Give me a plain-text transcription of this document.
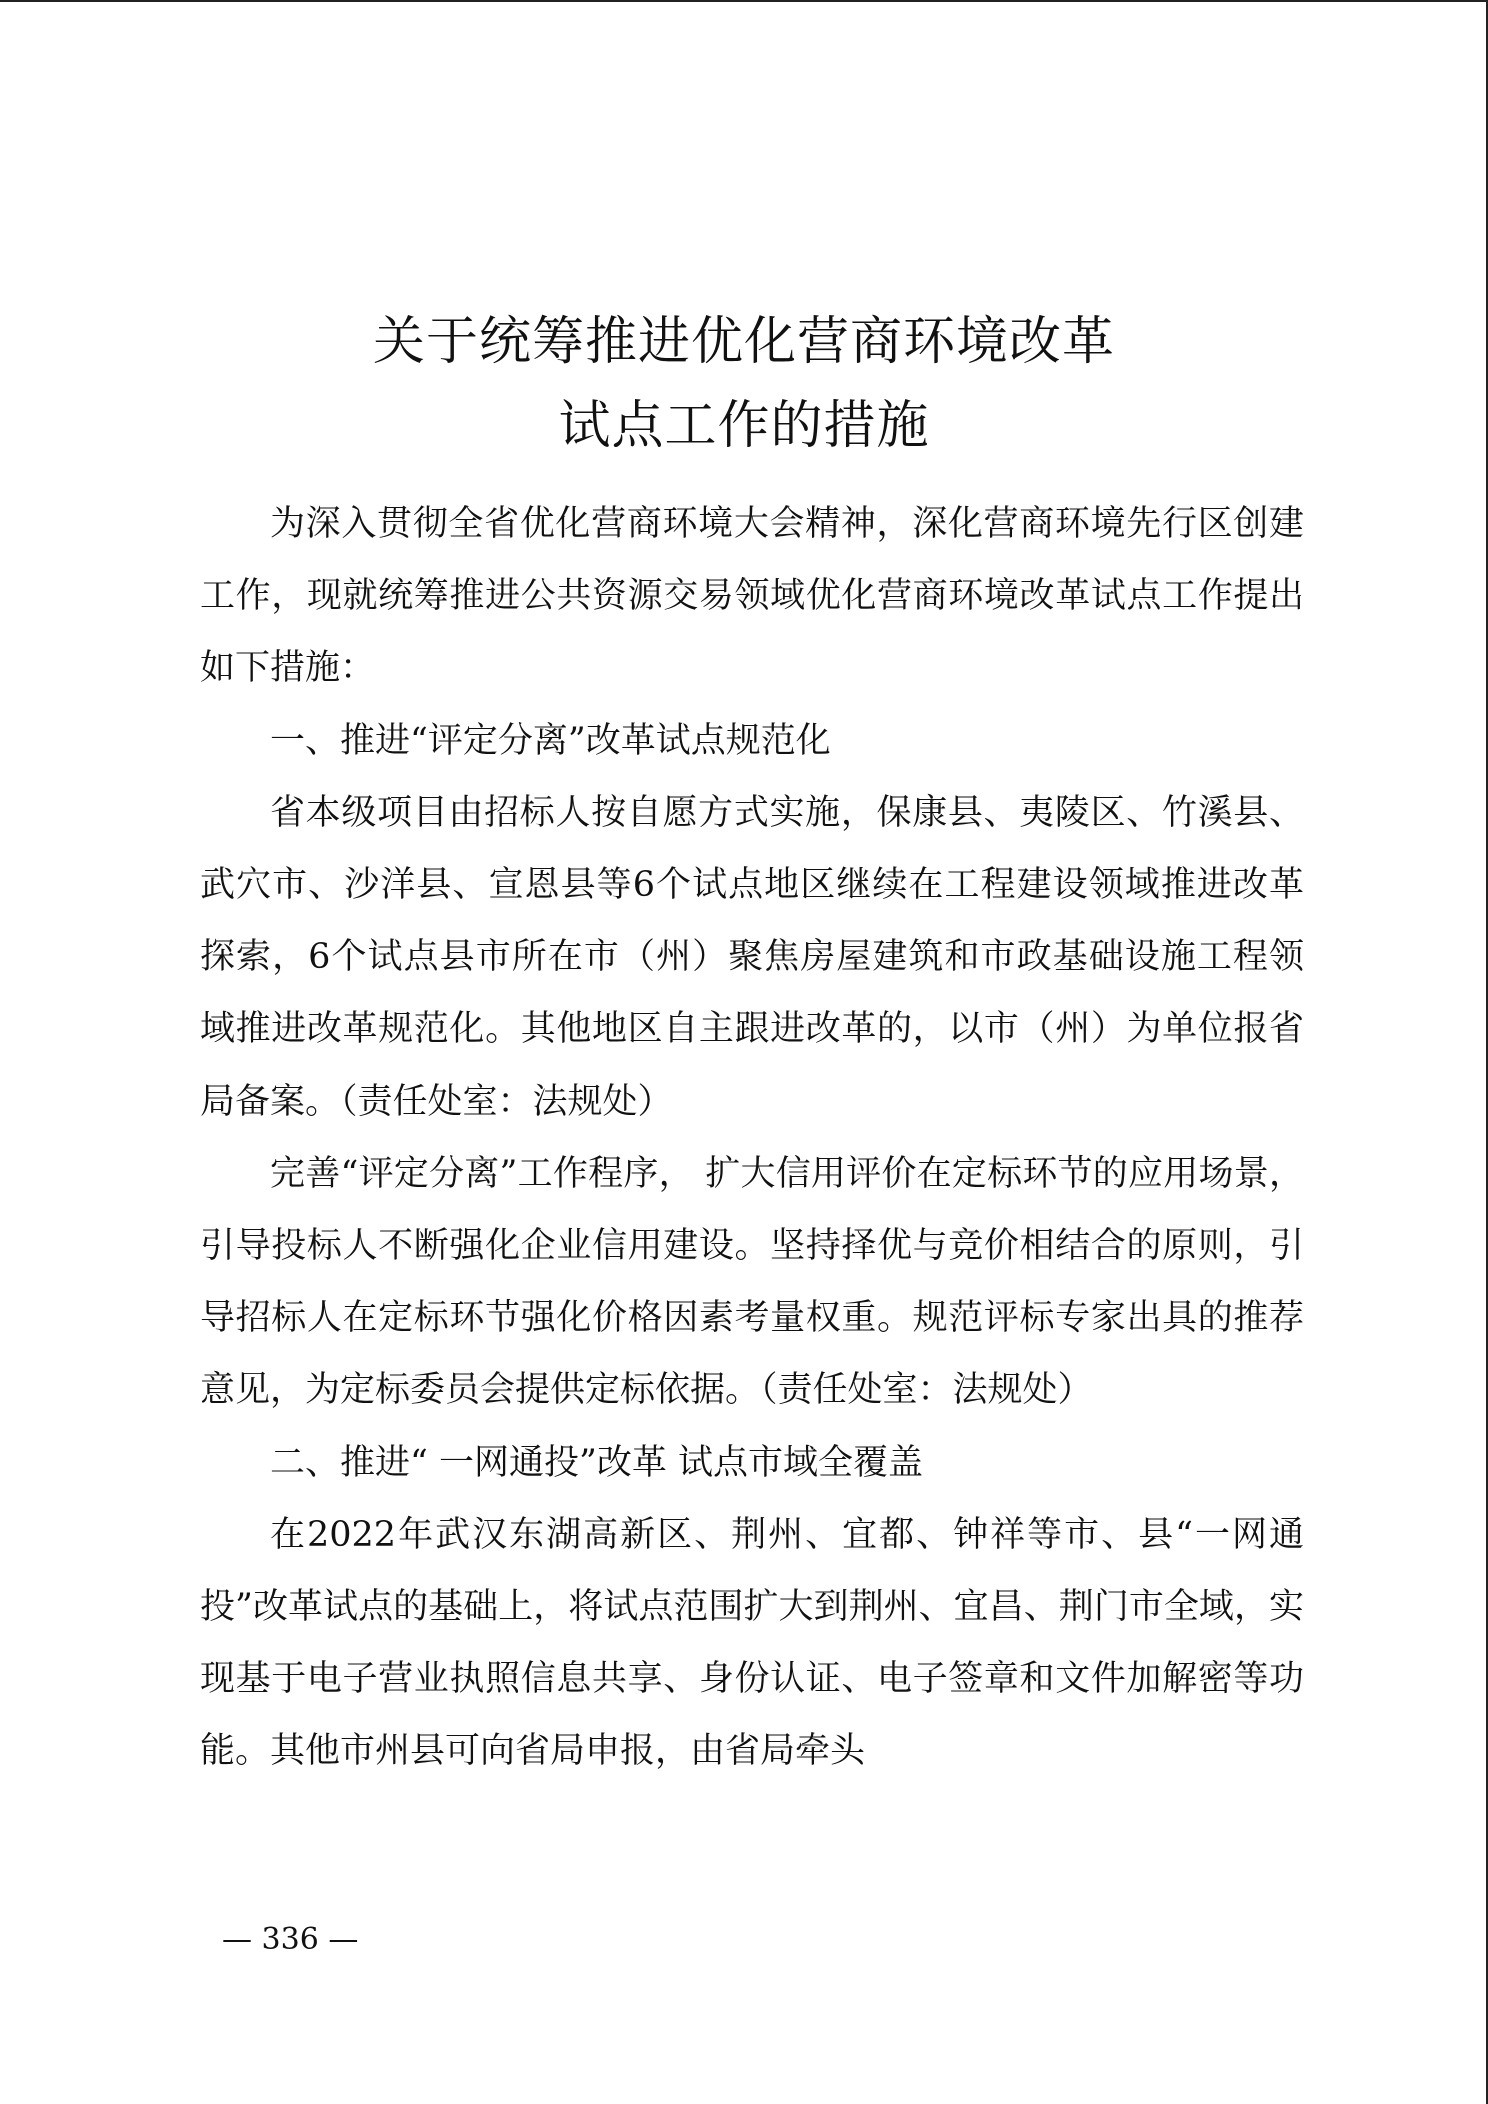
关于统筹推进优化营商环境改革
试点工作的措施

为深入贯彻全省优化营商环境大会精神，深化营商环境先行区创建工作，现就统筹推进公共资源交易领域优化营商环境改革试点工作提出如下措施：

一、推进“评定分离”改革试点规范化

省本级项目由招标人按自愿方式实施，保康县、夷陵区、竹溪县、武穴市、沙洋县、宣恩县等6个试点地区继续在工程建设领域推进改革探索，6个试点县市所在市（州）聚焦房屋建筑和市政基础设施工程领域推进改革规范化。其他地区自主跟进改革的，以市（州）为单位报省局备案。（责任处室：法规处）

完善“评定分离”工作程序， 扩大信用评价在定标环节的应用场景，引导投标人不断强化企业信用建设。坚持择优与竞价相结合的原则，引导招标人在定标环节强化价格因素考量权重。规范评标专家出具的推荐意见，为定标委员会提供定标依据。（责任处室：法规处）

二、推进“ 一网通投”改革 试点市域全覆盖

在2022年武汉东湖高新区、荆州、宜都、钟祥等市、县“一网通投”改革试点的基础上，将试点范围扩大到荆州、宜昌、荆门市全域，实现基于电子营业执照信息共享、身份认证、电子签章和文件加解密等功能。其他市州县可向省局申报，由省局牵头

— 336 —
